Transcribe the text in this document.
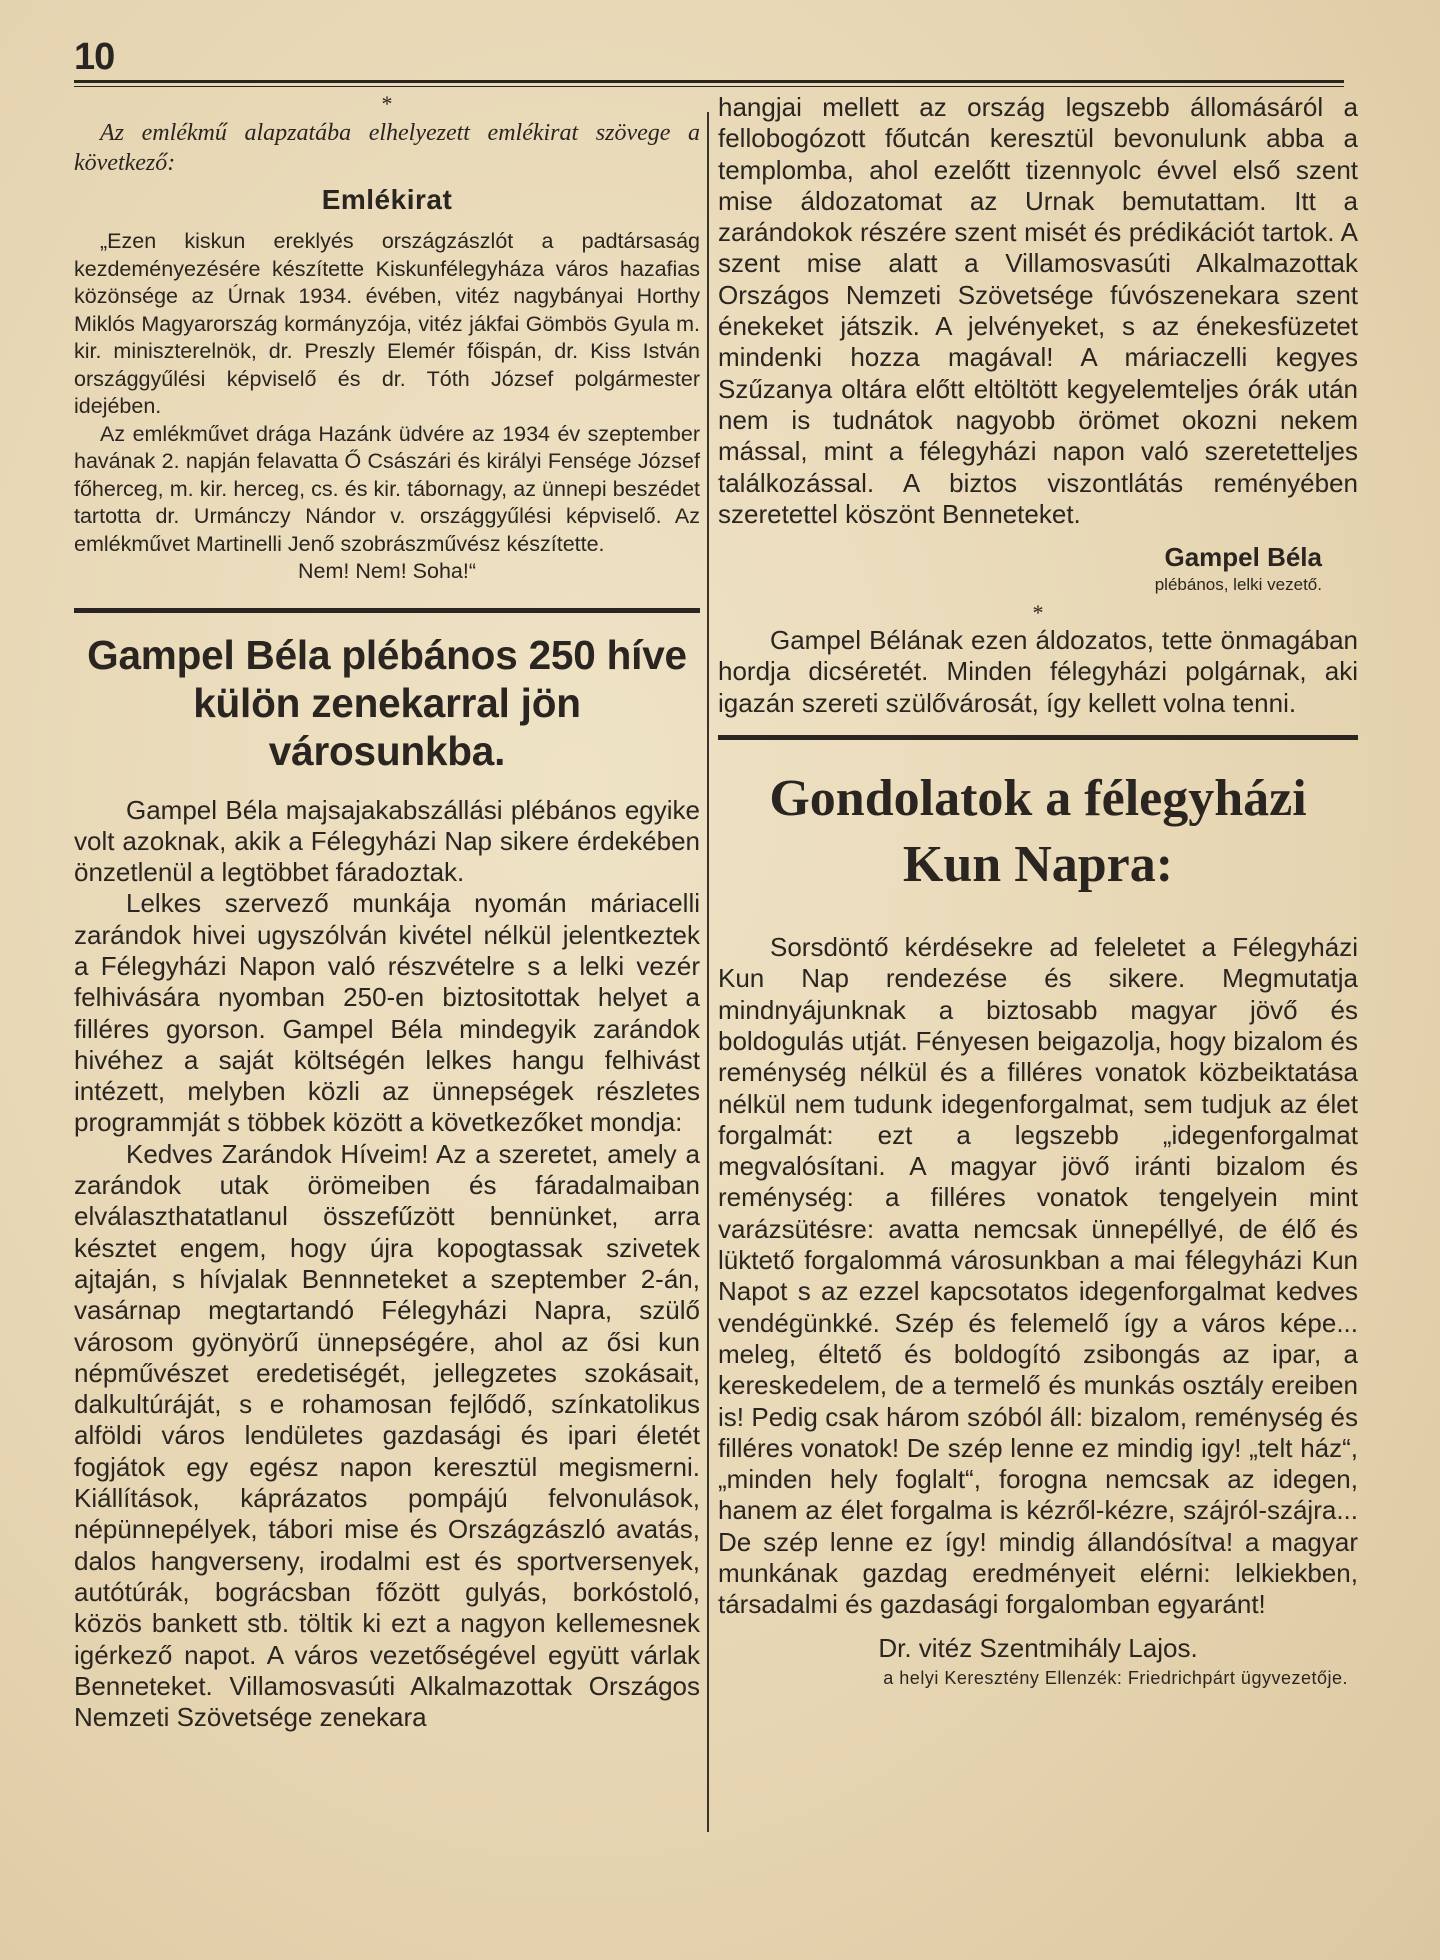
10
*

Az emlékmű alapzatába elhelyezett emlékirat szövege a következő:

Emlékirat

„Ezen kiskun ereklyés országzászlót a padtársaság kezdeményezésére készítette Kiskunfélegyháza város hazafias közönsége az Úrnak 1934. évében, vitéz nagybányai Horthy Miklós Magyarország kormányzója, vitéz jákfai Gömbös Gyula m. kir. miniszterelnök, dr. Preszly Elemér főispán, dr. Kiss István országgyűlési képviselő és dr. Tóth József polgármester idejében.

Az emlékművet drága Hazánk üdvére az 1934 év szeptember havának 2. napján felavatta Ő Császári és királyi Fensége József főherceg, m. kir. herceg, cs. és kir. tábornagy, az ünnepi beszédet tartotta dr. Urmánczy Nándor v. országgyűlési képviselő. Az emlékművet Martinelli Jenő szobrászművész készítette.

Nem! Nem! Soha!“

Gampel Béla plébános 250 híve külön zenekarral jön városunkba.

Gampel Béla majsajakabszállási plébános egyike volt azoknak, akik a Félegyházi Nap sikere érdekében önzetlenül a legtöbbet fáradoztak.

Lelkes szervező munkája nyomán máriacelli zarándok hivei ugyszólván kivétel nélkül jelentkeztek a Félegyházi Napon való részvételre s a lelki vezér felhivására nyomban 250-en biztositottak helyet a filléres gyorson. Gampel Béla mindegyik zarándok hivéhez a saját költségén lelkes hangu felhivást intézett, melyben közli az ünnepségek részletes programmját s többek között a következőket mondja:

Kedves Zarándok Híveim! Az a szeretet, amely a zarándok utak örömeiben és fáradalmaiban elválaszthatatlanul összefűzött bennünket, arra késztet engem, hogy újra kopogtassak szivetek ajtaján, s hívjalak Bennneteket a szeptember 2-án, vasárnap megtartandó Félegyházi Napra, szülő városom gyönyörű ünnepségére, ahol az ősi kun népművészet eredetiségét, jellegzetes szokásait, dalkultúráját, s e rohamosan fejlődő, színkatolikus alföldi város lendületes gazdasági és ipari életét fogjátok egy egész napon keresztül megismerni. Kiállítások, káprázatos pompájú felvonulások, népünnepélyek, tábori mise és Országzászló avatás, dalos hangverseny, irodalmi est és sportversenyek, autótúrák, bográcsban főzött gulyás, borkóstoló, közös bankett stb. töltik ki ezt a nagyon kellemesnek igérkező napot. A város vezetőségével együtt várlak Benneteket. Villamosvasúti Alkalmazottak Országos Nemzeti Szövetsége zenekara

hangjai mellett az ország legszebb állomásáról a fellobogózott főutcán keresztül bevonulunk abba a templomba, ahol ezelőtt tizennyolc évvel első szent mise áldozatomat az Urnak bemutattam. Itt a zarándokok részére szent misét és prédikációt tartok. A szent mise alatt a Villamosvasúti Alkalmazottak Országos Nemzeti Szövetsége fúvószenekara szent énekeket játszik. A jelvényeket, s az énekesfüzetet mindenki hozza magával! A máriaczelli kegyes Szűzanya oltára előtt eltöltött kegyelemteljes órák után nem is tudnátok nagyobb örömet okozni nekem mással, mint a félegyházi napon való szeretetteljes találkozással. A biztos viszontlátás reményében szeretettel köszönt Benneteket.

Gampel Béla
plébános, lelki vezető.
*

Gampel Bélának ezen áldozatos, tette önmagában hordja dicséretét. Minden félegyházi polgárnak, aki igazán szereti szülővárosát, így kellett volna tenni.

Gondolatok a félegyházi Kun Napra:

Sorsdöntő kérdésekre ad feleletet a Félegyházi Kun Nap rendezése és sikere. Megmutatja mindnyájunknak a biztosabb magyar jövő és boldogulás utját. Fényesen beigazolja, hogy bizalom és reménység nélkül és a filléres vonatok közbeiktatása nélkül nem tudunk idegenforgalmat, sem tudjuk az élet forgalmát: ezt a legszebb „idegenforgalmat megvalósítani. A magyar jövő iránti bizalom és reménység: a filléres vonatok tengelyein mint varázsütésre: avatta nemcsak ünnepéllyé, de élő és lüktető forgalommá városunkban a mai félegyházi Kun Napot s az ezzel kapcsotatos idegenforgalmat kedves vendégünkké. Szép és felemelő így a város képe... meleg, éltető és boldogító zsibongás az ipar, a kereskedelem, de a termelő és munkás osztály ereiben is! Pedig csak három szóból áll: bizalom, reménység és filléres vonatok! De szép lenne ez mindig igy! „telt ház“, „minden hely foglalt“, forogna nemcsak az idegen, hanem az élet forgalma is kézről-kézre, szájról-szájra... De szép lenne ez így! mindig állandósítva! a magyar munkának gazdag eredményeit elérni: lelkiekben, társadalmi és gazdasági forgalomban egyaránt!

Dr. vitéz Szentmihály Lajos.
a helyi Keresztény Ellenzék: Friedrichpárt ügyvezetője.
